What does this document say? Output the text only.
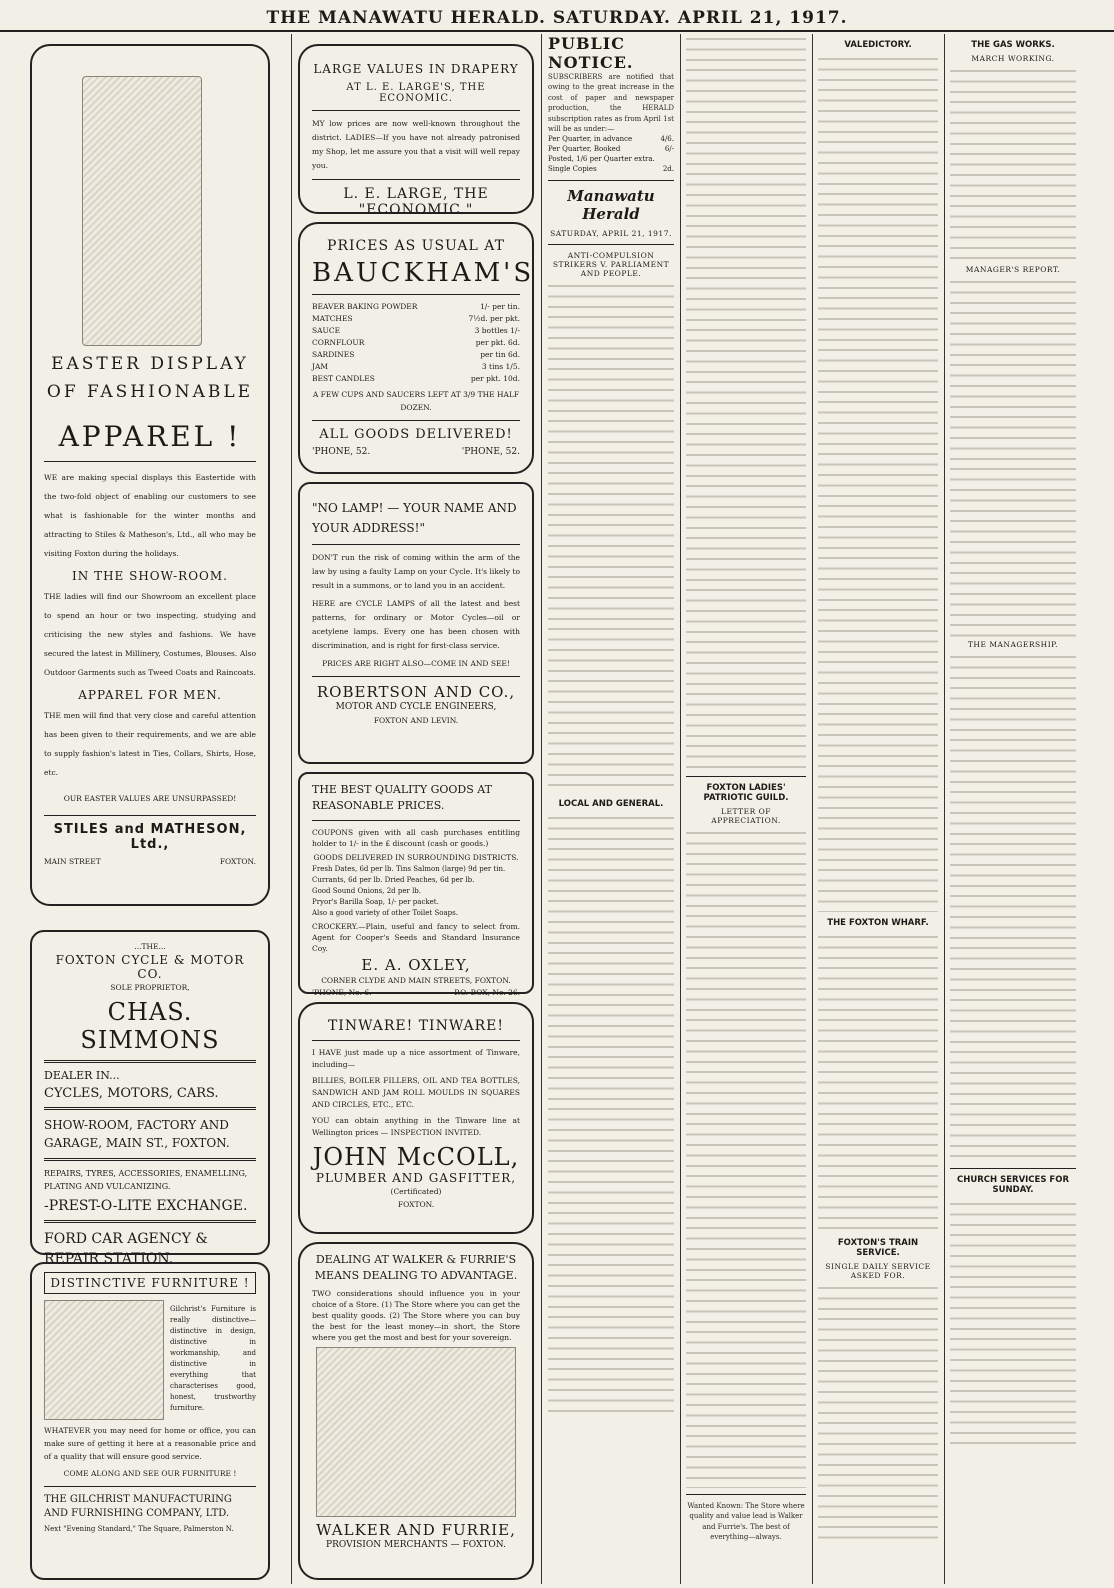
THE MANAWATU HERALD. SATURDAY. APRIL 21, 1917.
EASTER DISPLAY
OF FASHIONABLE
APPAREL !

WE are making special displays this Eastertide with the two-fold object of enabling our customers to see what is fashionable for the winter months and attracting to Stiles & Matheson's, Ltd., all who may be visiting Foxton during the holidays.

IN THE SHOW-ROOM.

THE ladies will find our Showroom an excellent place to spend an hour or two inspecting, studying and criticising the new styles and fashions. We have secured the latest in Millinery, Costumes, Blouses. Also Outdoor Garments such as Tweed Coats and Raincoats.

APPAREL FOR MEN.

THE men will find that very close and careful attention has been given to their requirements, and we are able to supply fashion's latest in Ties, Collars, Shirts, Hose, etc.

OUR EASTER VALUES ARE UNSURPASSED!
STILES and MATHESON, Ltd.,
MAIN STREET	FOXTON.
...THE...
FOXTON CYCLE & MOTOR CO.
SOLE PROPRIETOR,
CHAS. SIMMONS
DEALER IN...
CYCLES, MOTORS, CARS.
SHOW-ROOM, FACTORY AND GARAGE, MAIN ST., FOXTON.
REPAIRS, TYRES, ACCESSORIES, ENAMELLING, PLATING AND VULCANIZING.
-PREST-O-LITE EXCHANGE.
FORD CAR AGENCY & REPAIR STATION.
DISTINCTIVE FURNITURE !

Gilchrist's Furniture is really distinctive—distinctive in design, distinctive in workmanship, and distinctive in everything that characterises good, honest, trustworthy furniture.

WHATEVER you may need for home or office, you can make sure of getting it here at a reasonable price and of a quality that will ensure good service.

COME ALONG AND SEE OUR FURNITURE !
THE GILCHRIST MANUFACTURING AND FURNISHING COMPANY, LTD.
Next "Evening Standard," The Square, Palmerston N.
LARGE VALUES IN DRAPERY
AT L. E. LARGE'S, THE ECONOMIC.

MY low prices are now well-known throughout the district. LADIES—If you have not already patronised my Shop, let me assure you that a visit will well repay you.

L. E. LARGE, THE "ECONOMIC."
PRICES AS USUAL AT
BAUCKHAM'S
BEAVER BAKING POWDER	1/- per tin.
MATCHES	7½d. per pkt.
SAUCE	3 bottles 1/-
CORNFLOUR	per pkt. 6d.
SARDINES	per tin 6d.
JAM	3 tins 1/5.
BEST CANDLES	per pkt. 10d.
A FEW CUPS AND SAUCERS LEFT AT 3/9 THE HALF DOZEN.
ALL GOODS DELIVERED!
'PHONE, 52.	'PHONE, 52.
"NO LAMP! — YOUR NAME AND YOUR ADDRESS!"

DON'T run the risk of coming within the arm of the law by using a faulty Lamp on your Cycle. It's likely to result in a summons, or to land you in an accident.

HERE are CYCLE LAMPS of all the latest and best patterns, for ordinary or Motor Cycles—oil or acetylene lamps. Every one has been chosen with discrimination, and is right for first-class service.

PRICES ARE RIGHT ALSO—COME IN AND SEE!
ROBERTSON AND CO.,
MOTOR AND CYCLE ENGINEERS,
FOXTON AND LEVIN.
THE BEST QUALITY GOODS AT REASONABLE PRICES.

COUPONS given with all cash purchases entitling holder to 1/- in the £ discount (cash or goods.)

GOODS DELIVERED IN SURROUNDING DISTRICTS.
Fresh Dates, 6d per lb. Tins Salmon (large) 9d per tin.
Currants, 6d per lb. Dried Peaches, 6d per lb.
Good Sound Onions, 2d per lb.
Pryor's Barilla Soap, 1/- per packet.
Also a good variety of other Toilet Soaps.

CROCKERY.—Plain, useful and fancy to select from. Agent for Cooper's Seeds and Standard Insurance Coy.

E. A. OXLEY,
CORNER CLYDE AND MAIN STREETS, FOXTON.
'PHONE, No. 6.	P.O. BOX, No. 26.
TINWARE! TINWARE!

I HAVE just made up a nice assortment of Tinware, including—

BILLIES, BOILER FILLERS, OIL AND TEA BOTTLES, SANDWICH AND JAM ROLL MOULDS IN SQUARES AND CIRCLES, ETC., ETC.

YOU can obtain anything in the Tinware line at Wellington prices — INSPECTION INVITED.

JOHN McCOLL,
PLUMBER AND GASFITTER,
(Certificated)
FOXTON.
DEALING AT WALKER & FURRIE'S MEANS DEALING TO ADVANTAGE.

TWO considerations should influence you in your choice of a Store. (1) The Store where you can get the best quality goods. (2) The Store where you can buy the best for the least money—in short, the Store where you get the most and best for your sovereign.

WALKER AND FURRIE,
PROVISION MERCHANTS — FOXTON.
PUBLIC NOTICE.
SUBSCRIBERS are notified that owing to the great increase in the cost of paper and newspaper production, the HERALD subscription rates as from April 1st will be as under:—
Per Quarter, in advance	4/6.
Per Quarter, Booked	6/-
Posted, 1/6 per Quarter extra.
Single Copies	2d.
Manawatu Herald
SATURDAY, APRIL 21, 1917.
ANTI-COMPULSION STRIKERS V. PARLIAMENT AND PEOPLE.
LOCAL AND GENERAL.
FOXTON LADIES' PATRIOTIC GUILD.
LETTER OF APPRECIATION.
Wanted Known: The Store where quality and value lead is Walker and Furrie's. The best of everything—always.
VALEDICTORY.
THE FOXTON WHARF.
FOXTON'S TRAIN SERVICE.
SINGLE DAILY SERVICE ASKED FOR.
THE GAS WORKS.
MARCH WORKING.
MANAGER'S REPORT.
THE MANAGERSHIP.
CHURCH SERVICES FOR SUNDAY.
